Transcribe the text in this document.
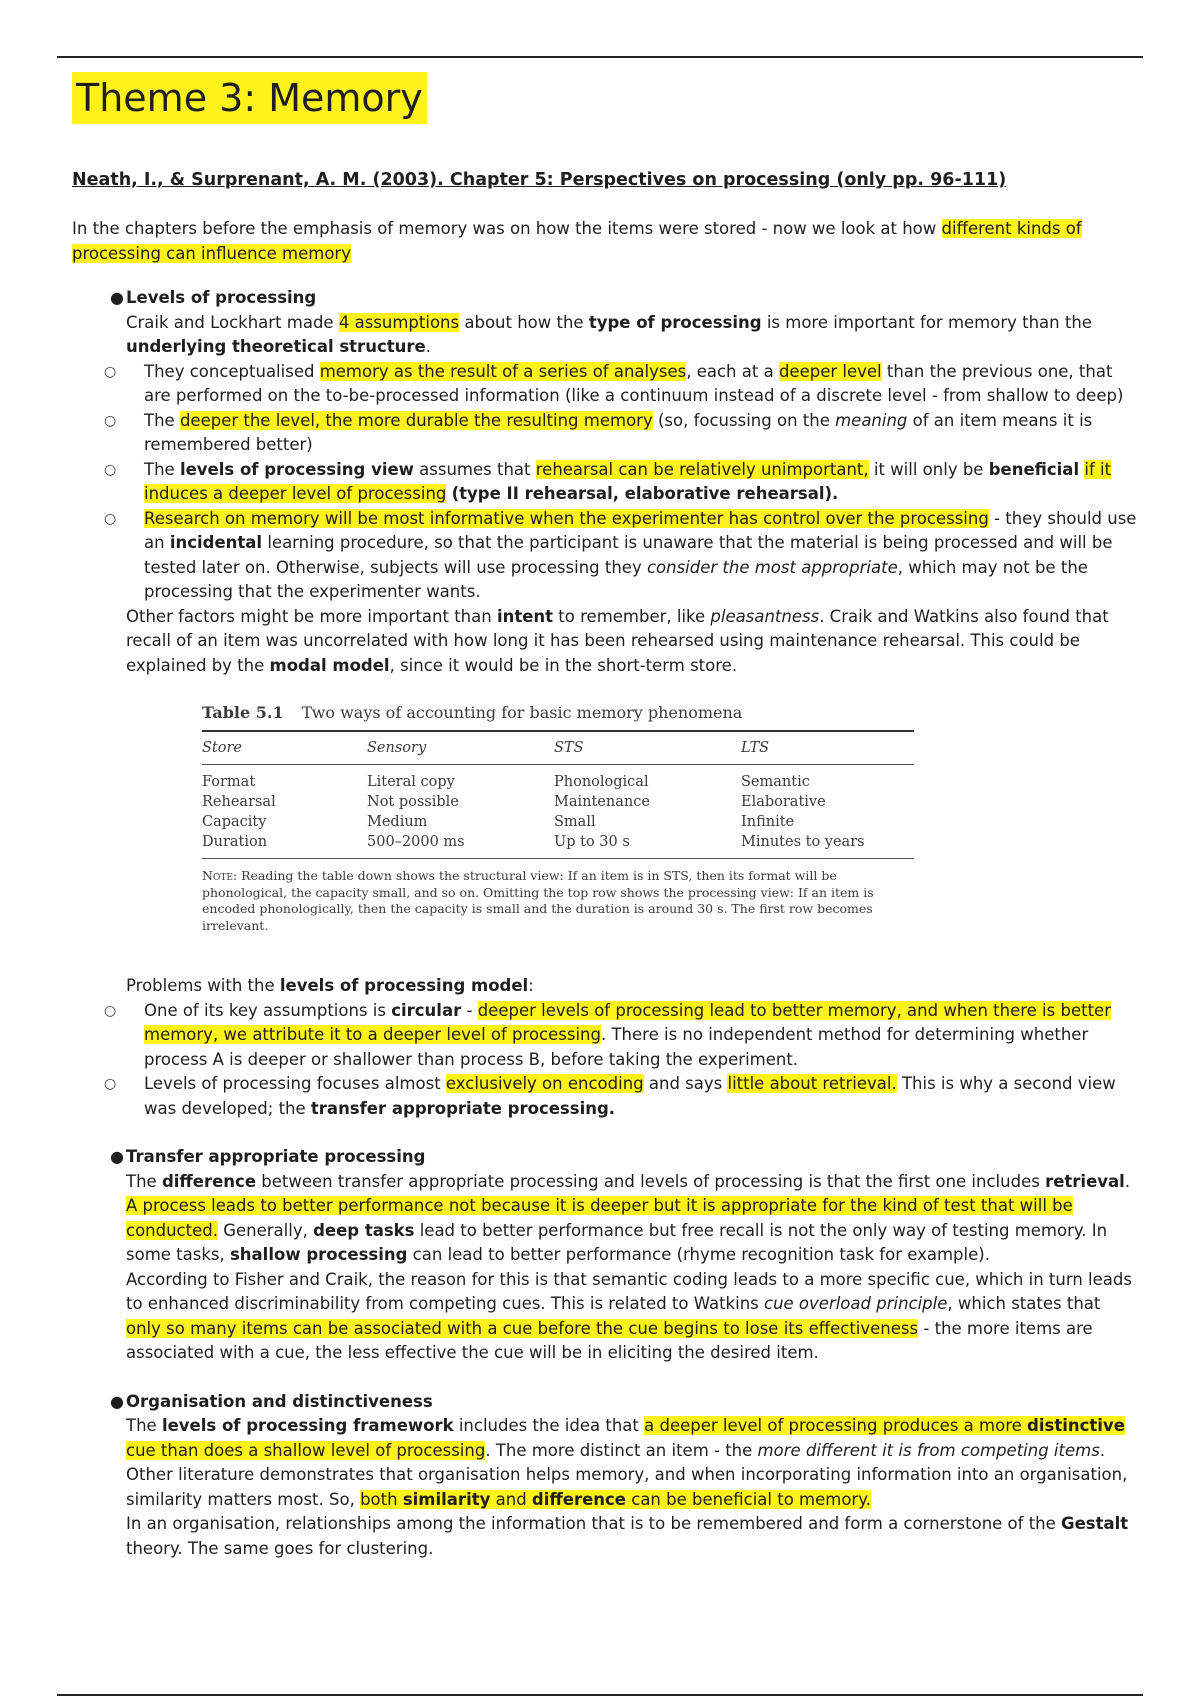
Theme 3: Memory
Neath, I., & Surprenant, A. M. (2003). Chapter 5: Perspectives on processing (only pp. 96-111)
In the chapters before the emphasis of memory was on how the items were stored - now we look at how different kinds of processing can influence memory
● Levels of processing
Craik and Lockhart made 4 assumptions about how the type of processing is more important for memory than the underlying theoretical structure.
○ They conceptualised memory as the result of a series of analyses, each at a deeper level than the previous one, that are performed on the to-be-processed information (like a continuum instead of a discrete level - from shallow to deep)
○ The deeper the level, the more durable the resulting memory (so, focussing on the meaning of an item means it is remembered better)
○ The levels of processing view assumes that rehearsal can be relatively unimportant, it will only be beneficial if it induces a deeper level of processing (type II rehearsal, elaborative rehearsal).
○ Research on memory will be most informative when the experimenter has control over the processing - they should use an incidental learning procedure, so that the participant is unaware that the material is being processed and will be tested later on. Otherwise, subjects will use processing they consider the most appropriate, which may not be the processing that the experimenter wants.
Other factors might be more important than intent to remember, like pleasantness. Craik and Watkins also found that recall of an item was uncorrelated with how long it has been rehearsed using maintenance rehearsal. This could be explained by the modal model, since it would be in the short-term store.
Table 5.1 Two ways of accounting for basic memory phenomena
Store	Sensory	STS	LTS
Format	Literal copy	Phonological	Semantic
Rehearsal	Not possible	Maintenance	Elaborative
Capacity	Medium	Small	Infinite
Duration	500–2000 ms	Up to 30 s	Minutes to years
Note: Reading the table down shows the structural view: If an item is in STS, then its format will be phonological, the capacity small, and so on. Omitting the top row shows the processing view: If an item is encoded phonologically, then the capacity is small and the duration is around 30 s. The first row becomes irrelevant.
Problems with the levels of processing model:
○ One of its key assumptions is circular - deeper levels of processing lead to better memory, and when there is better memory, we attribute it to a deeper level of processing. There is no independent method for determining whether process A is deeper or shallower than process B, before taking the experiment.
○ Levels of processing focuses almost exclusively on encoding and says little about retrieval. This is why a second view was developed; the transfer appropriate processing.
● Transfer appropriate processing
The difference between transfer appropriate processing and levels of processing is that the first one includes retrieval. A process leads to better performance not because it is deeper but it is appropriate for the kind of test that will be conducted. Generally, deep tasks lead to better performance but free recall is not the only way of testing memory. In some tasks, shallow processing can lead to better performance (rhyme recognition task for example).
According to Fisher and Craik, the reason for this is that semantic coding leads to a more specific cue, which in turn leads to enhanced discriminability from competing cues. This is related to Watkins cue overload principle, which states that only so many items can be associated with a cue before the cue begins to lose its effectiveness - the more items are associated with a cue, the less effective the cue will be in eliciting the desired item.
● Organisation and distinctiveness
The levels of processing framework includes the idea that a deeper level of processing produces a more distinctive cue than does a shallow level of processing. The more distinct an item - the more different it is from competing items. Other literature demonstrates that organisation helps memory, and when incorporating information into an organisation, similarity matters most. So, both similarity and difference can be beneficial to memory.
In an organisation, relationships among the information that is to be remembered and form a cornerstone of the Gestalt theory. The same goes for clustering.
